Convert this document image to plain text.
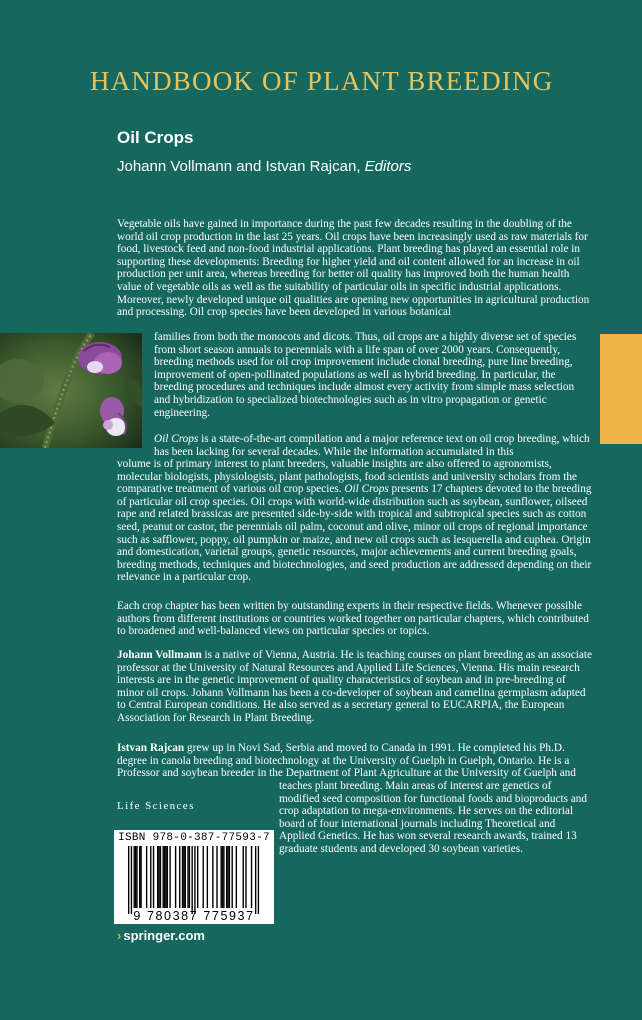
HANDBOOK OF PLANT BREEDING
Oil Crops
Johann Vollmann and Istvan Rajcan, Editors
Vegetable oils have gained in importance during the past few decades resulting in the doubling of the world oil crop production in the last 25 years. Oil crops have been increasingly used as raw materials for food, livestock feed and non-food industrial applications. Plant breeding has played an essential role in supporting these developments: Breeding for higher yield and oil content allowed for an increase in oil production per unit area, whereas breeding for better oil quality has improved both the human health value of vegetable oils as well as the suitability of particular oils in specific industrial applications. Moreover, newly developed unique oil qualities are opening new opportunities in agricultural production and processing. Oil crop species have been developed in various botanical
families from both the monocots and dicots. Thus, oil crops are a highly diverse set of species from short season annuals to perennials with a life span of over 2000 years. Consequently, breeding methods used for oil crop improvement include clonal breeding, pure line breeding, improvement of open-pollinated populations as well as hybrid breeding. In particular, the breeding procedures and techniques include almost every activity from simple mass selection and hybridization to specialized biotechnologies such as in vitro propagation or genetic engineering.
Oil Crops is a state-of-the-art compilation and a major reference text on oil crop breeding, which has been lacking for several decades. While the information accumulated in this
volume is of primary interest to plant breeders, valuable insights are also offered to agronomists, molecular biologists, physiologists, plant pathologists, food scientists and university scholars from the comparative treatment of various oil crop species. Oil Crops presents 17 chapters devoted to the breeding of particular oil crop species. Oil crops with world-wide distribution such as soybean, sunflower, oilseed rape and related brassicas are presented side-by-side with tropical and subtropical species such as cotton seed, peanut or castor, the perennials oil palm, coconut and olive, minor oil crops of regional importance such as safflower, poppy, oil pumpkin or maize, and new oil crops such as lesquerella and cuphea. Origin and domestication, varietal groups, genetic resources, major achievements and current breeding goals, breeding methods, techniques and biotechnologies, and seed production are addressed depending on their relevance in a particular crop.
Each crop chapter has been written by outstanding experts in their respective fields. Whenever possible authors from different institutions or countries worked together on particular chapters, which contributed to broadened and well-balanced views on particular species or topics.
Johann Vollmann is a native of Vienna, Austria. He is teaching courses on plant breeding as an associate professor at the University of Natural Resources and Applied Life Sciences, Vienna. His main research interests are in the genetic improvement of quality characteristics of soybean and in pre-breeding of minor oil crops. Johann Vollmann has been a co-developer of soybean and camelina germplasm adapted to Central European conditions. He also served as a secretary general to EUCARPIA, the European Association for Research in Plant Breeding.
Istvan Rajcan grew up in Novi Sad, Serbia and moved to Canada in 1991. He completed his Ph.D. degree in canola breeding and biotechnology at the University of Guelph in Guelph, Ontario. He is a Professor and soybean breeder in the Department of Plant Agriculture at the University of Guelph and
teaches plant breeding. Main areas of interest are genetics of modified seed composition for functional foods and bioproducts and crop adaptation to mega-environments. He serves on the editorial board of four international journals including Theoretical and Applied Genetics. He has won several research awards, trained 13 graduate students and developed 30 soybean varieties.
Life Sciences
ISBN 978-0-387-77593-7
9 780387 775937
› springer.com
